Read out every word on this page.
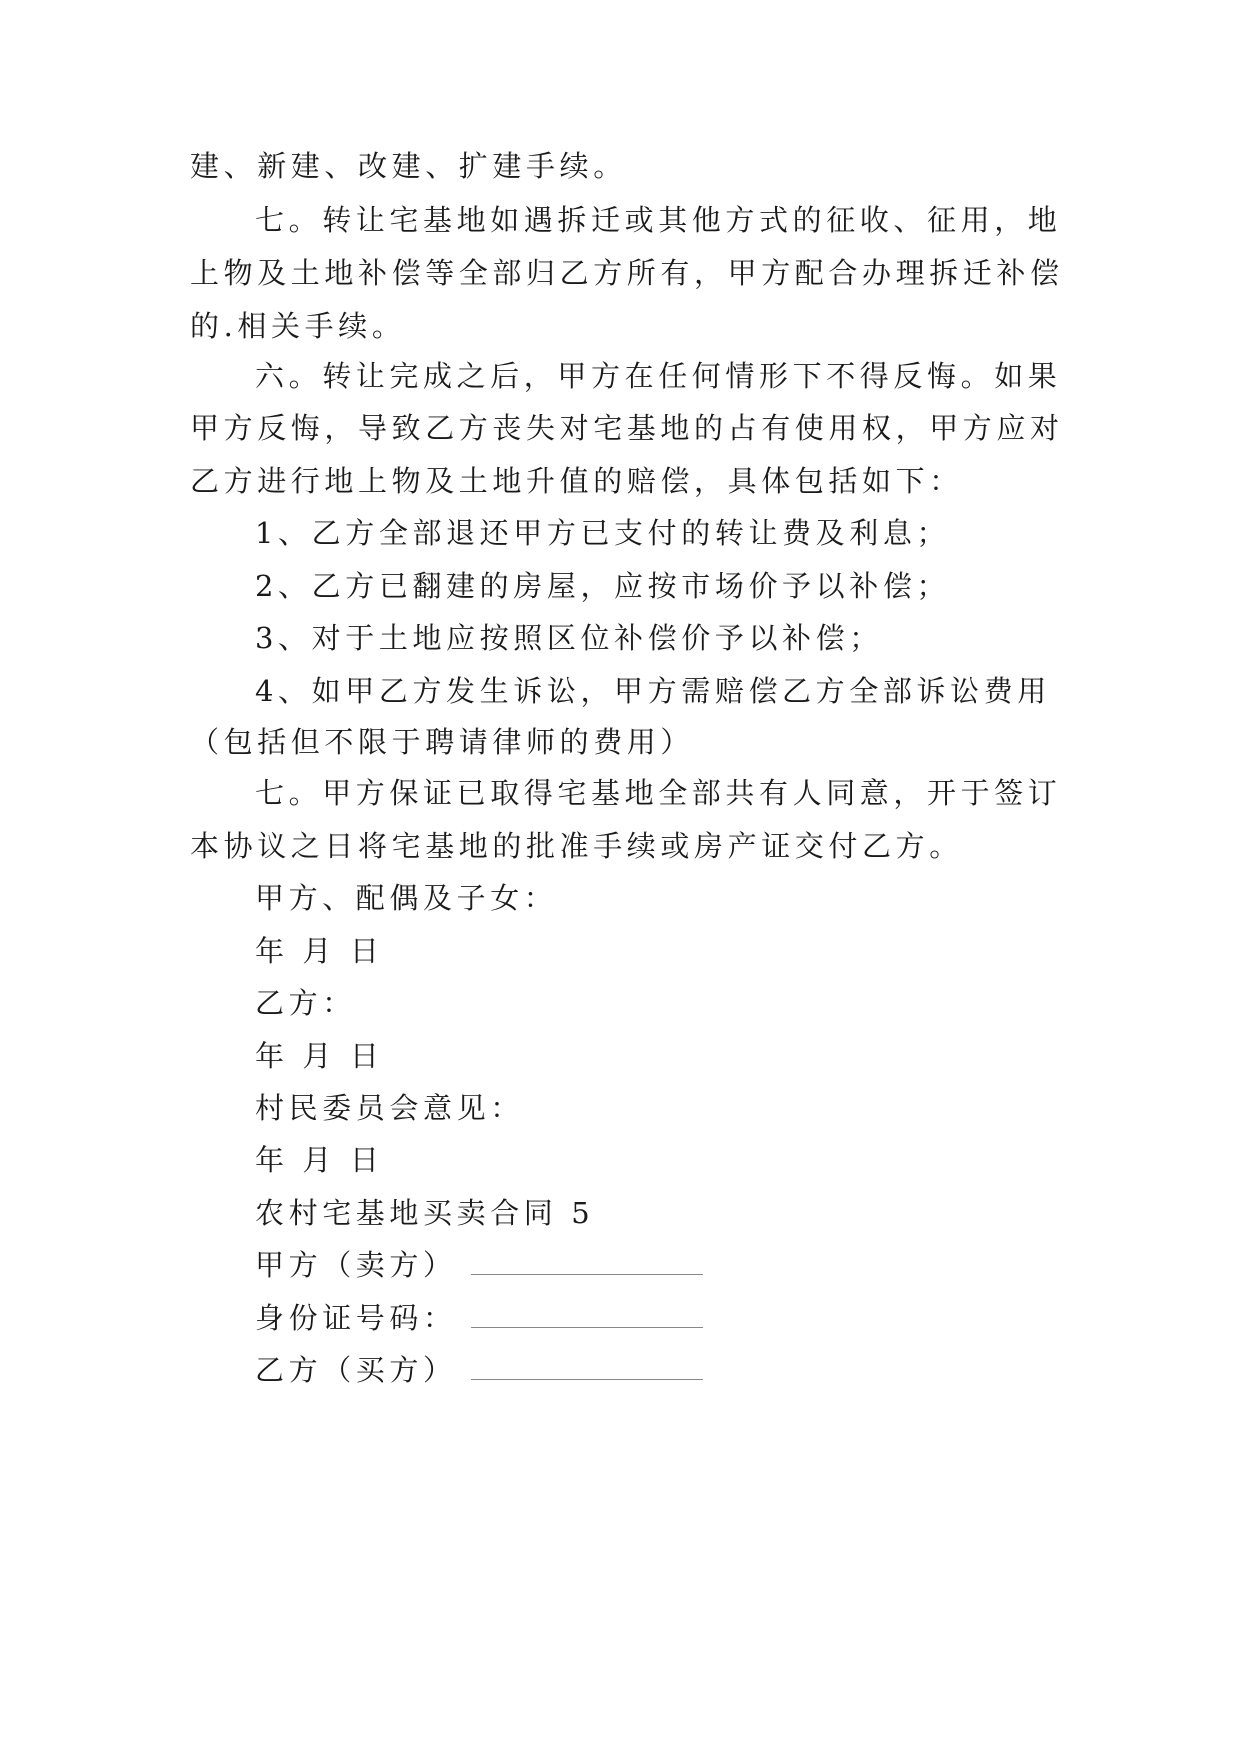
建、新建、改建、扩建手续。
七。转让宅基地如遇拆迁或其他方式的征收、征用，地
上物及土地补偿等全部归乙方所有，甲方配合办理拆迁补偿
的.相关手续。
六。转让完成之后，甲方在任何情形下不得反悔。如果
甲方反悔，导致乙方丧失对宅基地的占有使用权，甲方应对
乙方进行地上物及土地升值的赔偿，具体包括如下：
1、乙方全部退还甲方已支付的转让费及利息；
2、乙方已翻建的房屋，应按市场价予以补偿；
3、对于土地应按照区位补偿价予以补偿；
4、如甲乙方发生诉讼，甲方需赔偿乙方全部诉讼费用
（包括但不限于聘请律师的费用）
七。甲方保证已取得宅基地全部共有人同意，开于签订
本协议之日将宅基地的批准手续或房产证交付乙方。
甲方、配偶及子女：
年 月 日
乙方：
年 月 日
村民委员会意见：
年 月 日
农村宅基地买卖合同 5
甲方（卖方）
身份证号码：
乙方（买方）
